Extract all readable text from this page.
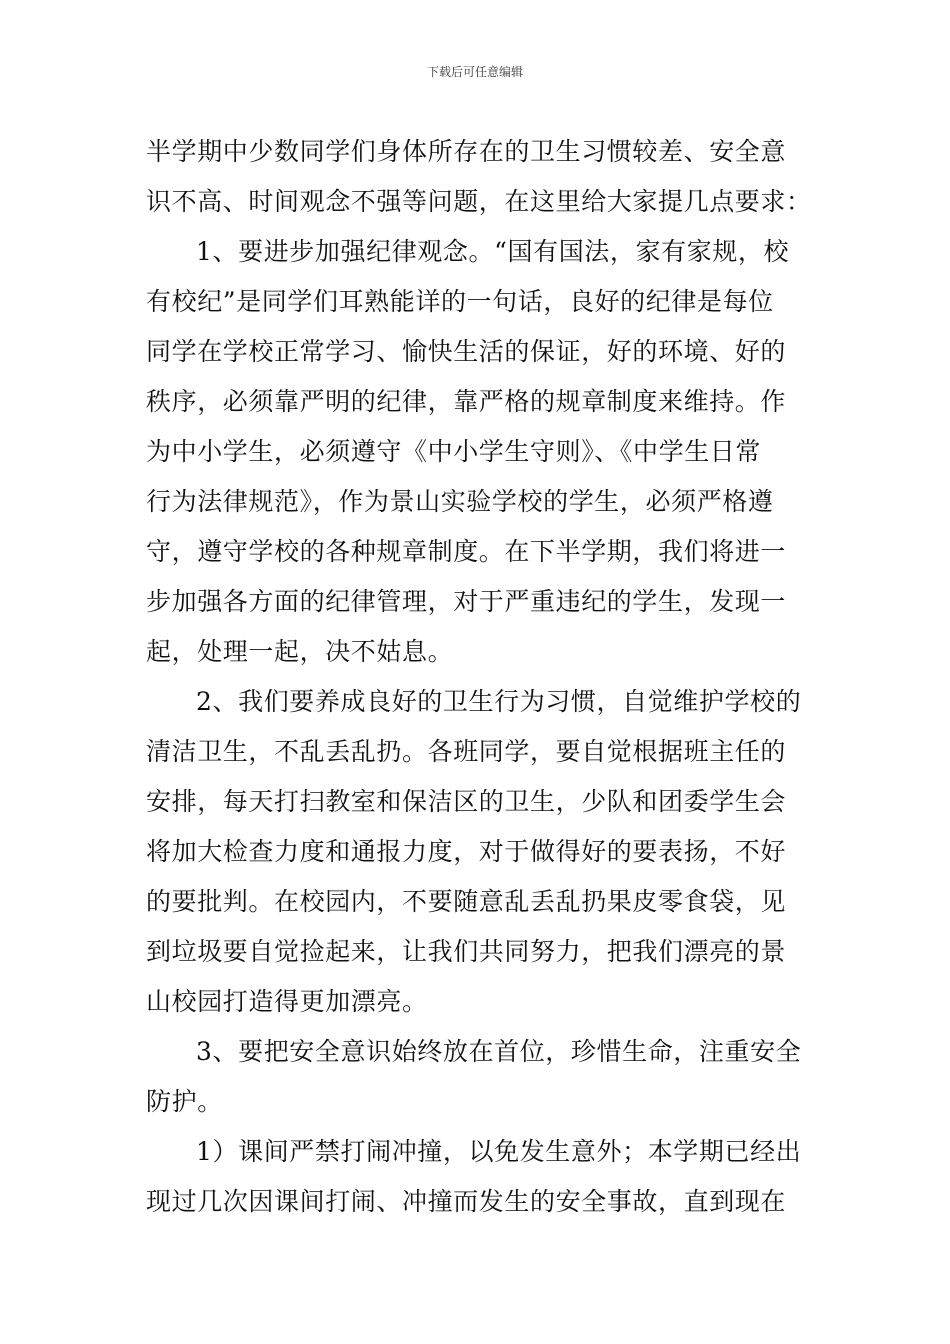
下载后可任意编辑
半学期中少数同学们身体所存在的卫生习惯较差、安全意
识不高、时间观念不强等问题，在这里给大家提几点要求：
1、要进步加强纪律观念。“国有国法，家有家规，校
有校纪”是同学们耳熟能详的一句话，良好的纪律是每位
同学在学校正常学习、愉快生活的保证，好的环境、好的
秩序，必须靠严明的纪律，靠严格的规章制度来维持。作
为中小学生，必须遵守《中小学生守则》、《中学生日常
行为法律规范》，作为景山实验学校的学生，必须严格遵
守，遵守学校的各种规章制度。在下半学期，我们将进一
步加强各方面的纪律管理，对于严重违纪的学生，发现一
起，处理一起，决不姑息。
2、我们要养成良好的卫生行为习惯，自觉维护学校的
清洁卫生，不乱丢乱扔。各班同学，要自觉根据班主任的
安排，每天打扫教室和保洁区的卫生，少队和团委学生会
将加大检查力度和通报力度，对于做得好的要表扬，不好
的要批判。在校园内，不要随意乱丢乱扔果皮零食袋，见
到垃圾要自觉捡起来，让我们共同努力，把我们漂亮的景
山校园打造得更加漂亮。
3、要把安全意识始终放在首位，珍惜生命，注重安全
防护。
1）课间严禁打闹冲撞，以免发生意外；本学期已经出
现过几次因课间打闹、冲撞而发生的安全事故，直到现在
